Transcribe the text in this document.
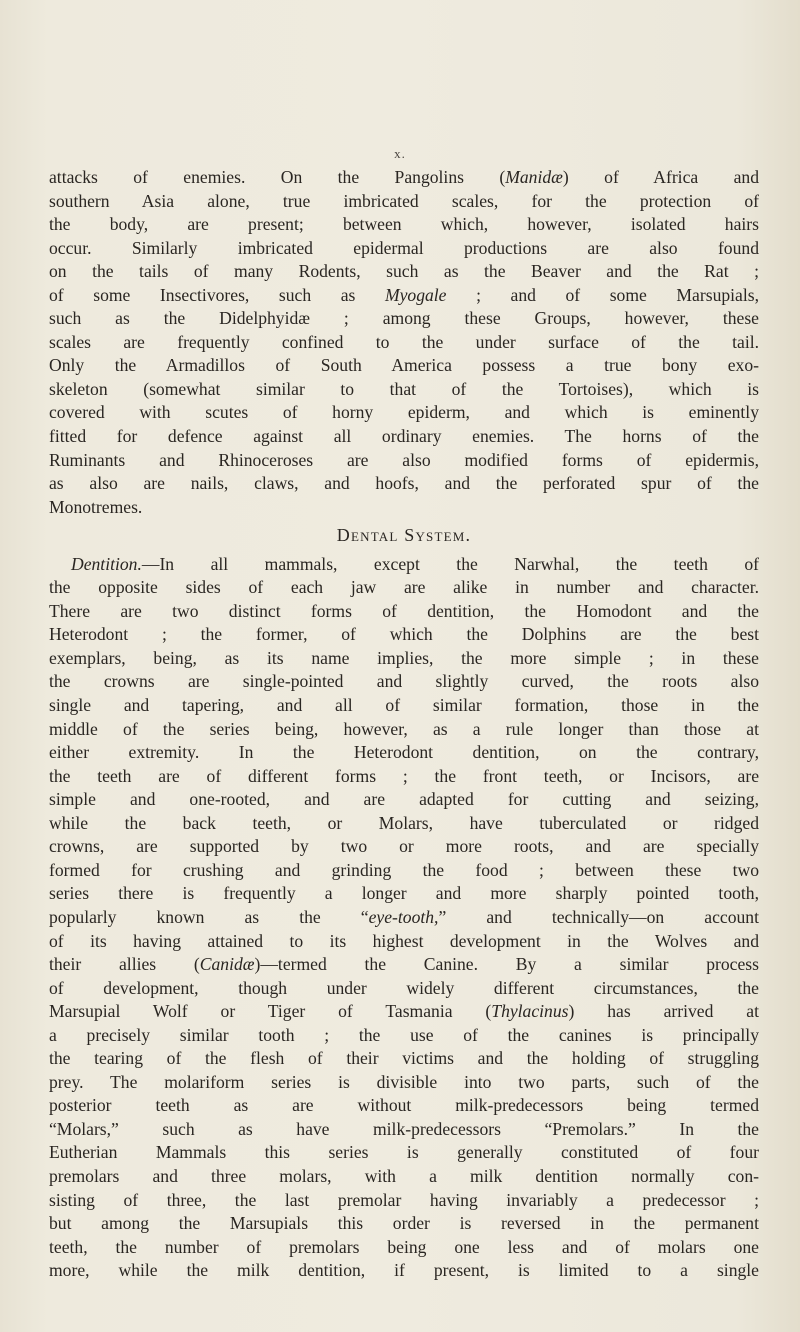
x.
attacks of enemies. On the Pangolins (Manidæ) of Africa and
southern Asia alone, true imbricated scales, for the protection of
the body, are present; between which, however, isolated hairs
occur. Similarly imbricated epidermal productions are also found
on the tails of many Rodents, such as the Beaver and the Rat ;
of some Insectivores, such as Myogale ; and of some Marsupials,
such as the Didelphyidæ ; among these Groups, however, these
scales are frequently confined to the under surface of the tail.
Only the Armadillos of South America possess a true bony exo-
skeleton (somewhat similar to that of the Tortoises), which is
covered with scutes of horny epiderm, and which is eminently
fitted for defence against all ordinary enemies. The horns of the
Ruminants and Rhinoceroses are also modified forms of epidermis,
as also are nails, claws, and hoofs, and the perforated spur of the
Monotremes.
Dental System.
Dentition.—In all mammals, except the Narwhal, the teeth of
the opposite sides of each jaw are alike in number and character.
There are two distinct forms of dentition, the Homodont and the
Heterodont ; the former, of which the Dolphins are the best
exemplars, being, as its name implies, the more simple ; in these
the crowns are single-pointed and slightly curved, the roots also
single and tapering, and all of similar formation, those in the
middle of the series being, however, as a rule longer than those at
either extremity. In the Heterodont dentition, on the contrary,
the teeth are of different forms ; the front teeth, or Incisors, are
simple and one-rooted, and are adapted for cutting and seizing,
while the back teeth, or Molars, have tuberculated or ridged
crowns, are supported by two or more roots, and are specially
formed for crushing and grinding the food ; between these two
series there is frequently a longer and more sharply pointed tooth,
popularly known as the “eye-tooth,” and technically—on account
of its having attained to its highest development in the Wolves and
their allies (Canidæ)—termed the Canine. By a similar process
of development, though under widely different circumstances, the
Marsupial Wolf or Tiger of Tasmania (Thylacinus) has arrived at
a precisely similar tooth ; the use of the canines is principally
the tearing of the flesh of their victims and the holding of struggling
prey. The molariform series is divisible into two parts, such of the
posterior teeth as are without milk-predecessors being termed
“Molars,” such as have milk-predecessors “Premolars.” In the
Eutherian Mammals this series is generally constituted of four
premolars and three molars, with a milk dentition normally con-
sisting of three, the last premolar having invariably a predecessor ;
but among the Marsupials this order is reversed in the permanent
teeth, the number of premolars being one less and of molars one
more, while the milk dentition, if present, is limited to a single
